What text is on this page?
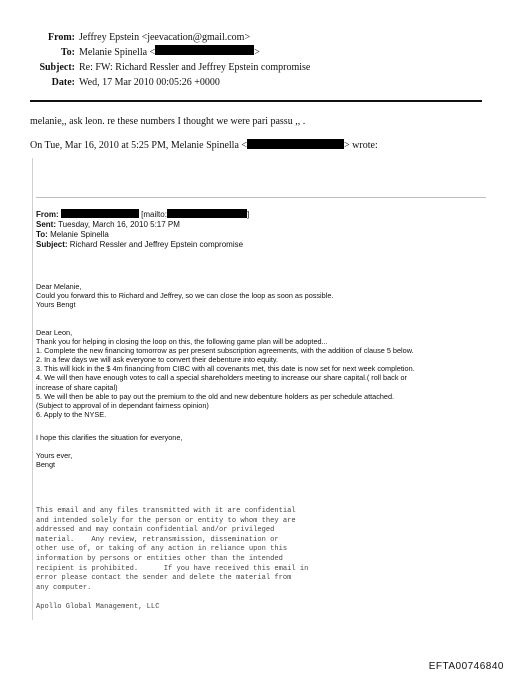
From: Jeffrey Epstein <jeevacation@gmail.com>
To: Melanie Spinella <	>
Subject: Re: FW: Richard Ressler and Jeffrey Epstein compromise
Date: Wed, 17 Mar 2010 00:05:26 +0000
melanie,, ask leon. re these numbers I thought we were pari passu ,, .
On Tue, Mar 16, 2010 at 5:25 PM, Melanie Spinella <	> wrote:
From:	[mailto:	]
Sent: Tuesday, March 16, 2010 5:17 PM
To: Melanie Spinella
Subject: Richard Ressler and Jeffrey Epstein compromise
Dear Melanie,
Could you forward this to Richard and Jeffrey, so we can close the loop as soon as possible.
Yours Bengt
Dear Leon,
Thank you for helping in closing the loop on this, the following game plan will be adopted...
1. Complete the new financing tomorrow as per present subscription agreements, with the addition of clause 5 below.
2. In a few days we will ask everyone to convert their debenture into equity.
3. This will kick in the $ 4m financing from CIBC with all covenants met, this date is now set for next week completion.
4. We will then have enough votes to call a special shareholders meeting to increase our share capital.( roll back or
increase of share capital)
5. We will then be able to pay out the premium to the old and new debenture holders as per schedule attached.
(Subject to approval of in dependant fairness opinion)
6. Apply to the NYSE.
I hope this clarifies the situation for everyone,
Yours ever,
Bengt
This email and any files transmitted with it are confidential
and intended solely for the person or entity to whom they are
addressed and may contain confidential and/or privileged
material.    Any review, retransmission, dissemination or
other use of, or taking of any action in reliance upon this
information by persons or entities other than the intended
recipient is prohibited.      If you have received this email in
error please contact the sender and delete the material from
any computer.
Apollo Global Management, LLC
EFTA00746840
